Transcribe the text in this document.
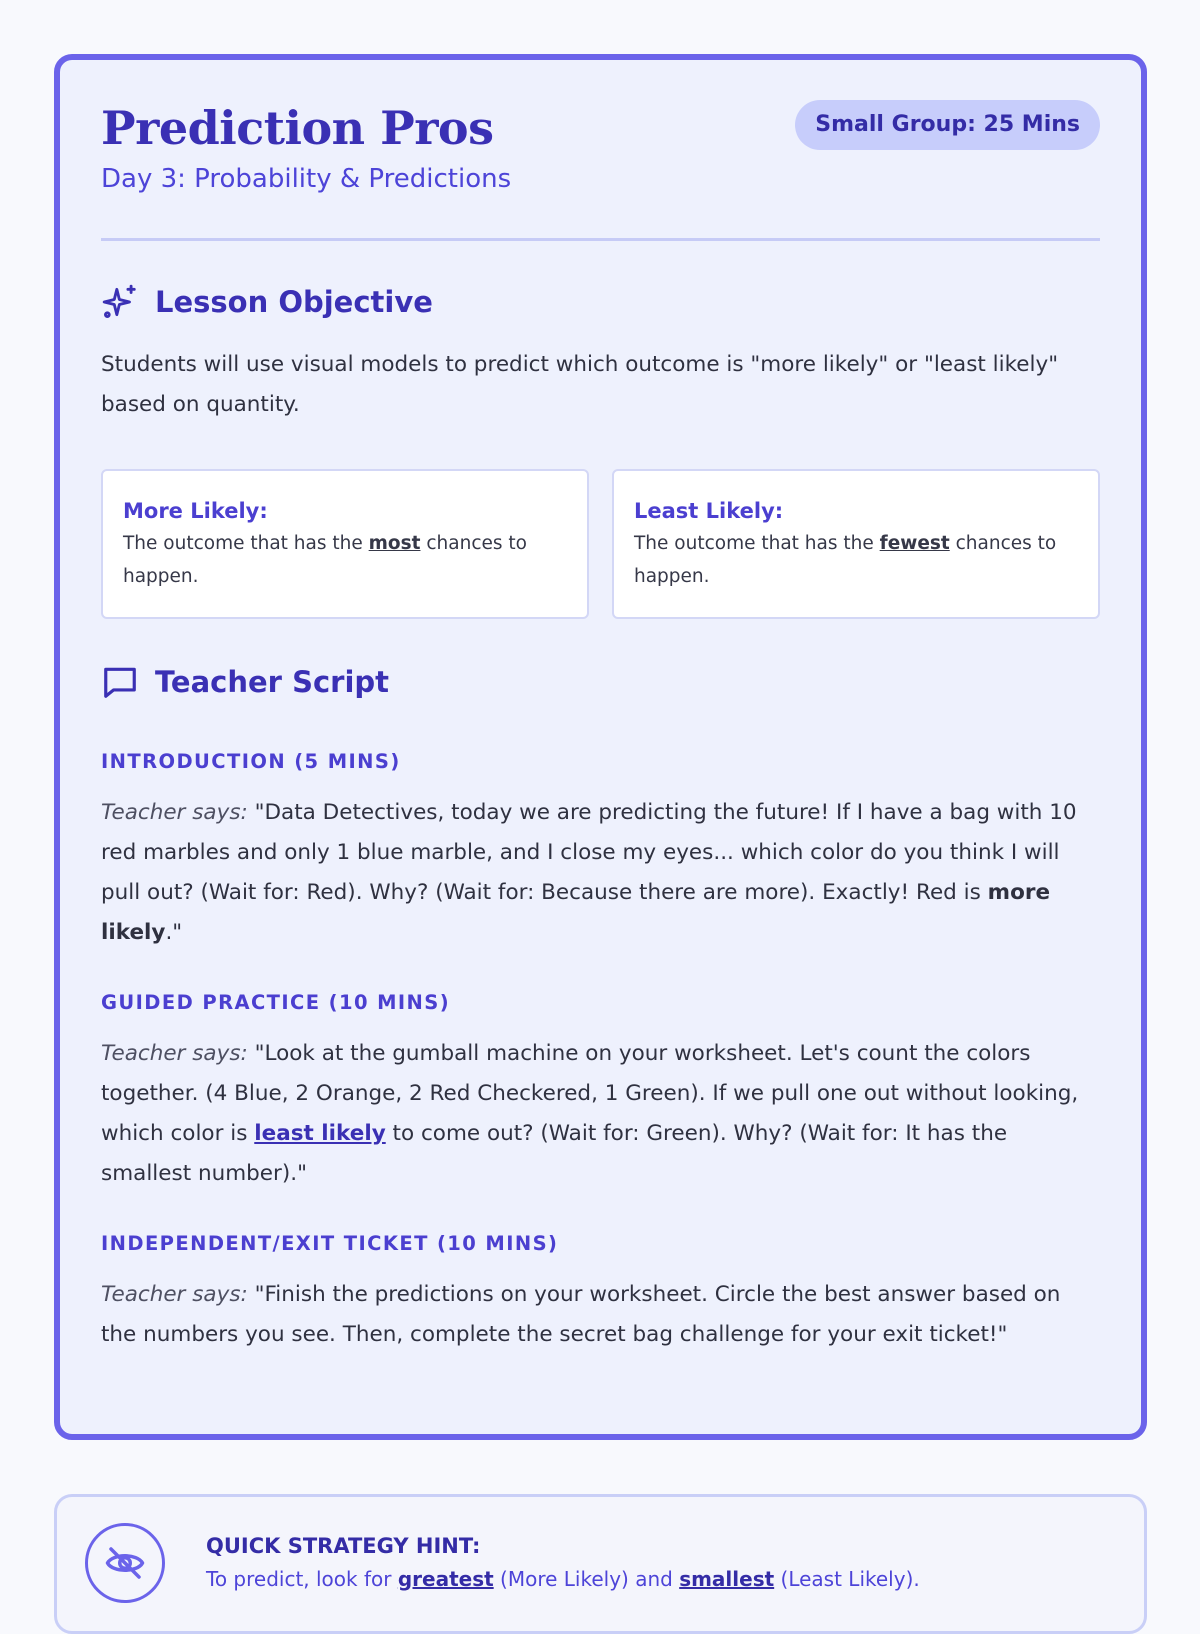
Prediction Pros
Day 3: Probability & Predictions
Small Group: 25 Mins
Lesson Objective
Students will use visual models to predict which outcome is "more likely" or "least likely" based on quantity.
More Likely:
The outcome that has the most chances to happen.
Least Likely:
The outcome that has the fewest chances to happen.
Teacher Script
INTRODUCTION (5 MINS)
Teacher says: "Data Detectives, today we are predicting the future! If I have a bag with 10 red marbles and only 1 blue marble, and I close my eyes... which color do you think I will pull out? (Wait for: Red). Why? (Wait for: Because there are more). Exactly! Red is more likely."
GUIDED PRACTICE (10 MINS)
Teacher says: "Look at the gumball machine on your worksheet. Let's count the colors together. (4 Blue, 2 Orange, 2 Red Checkered, 1 Green). If we pull one out without looking, which color is least likely to come out? (Wait for: Green). Why? (Wait for: It has the smallest number)."
INDEPENDENT/EXIT TICKET (10 MINS)
Teacher says: "Finish the predictions on your worksheet. Circle the best answer based on the numbers you see. Then, complete the secret bag challenge for your exit ticket!"
QUICK STRATEGY HINT:
To predict, look for greatest (More Likely) and smallest (Least Likely).
